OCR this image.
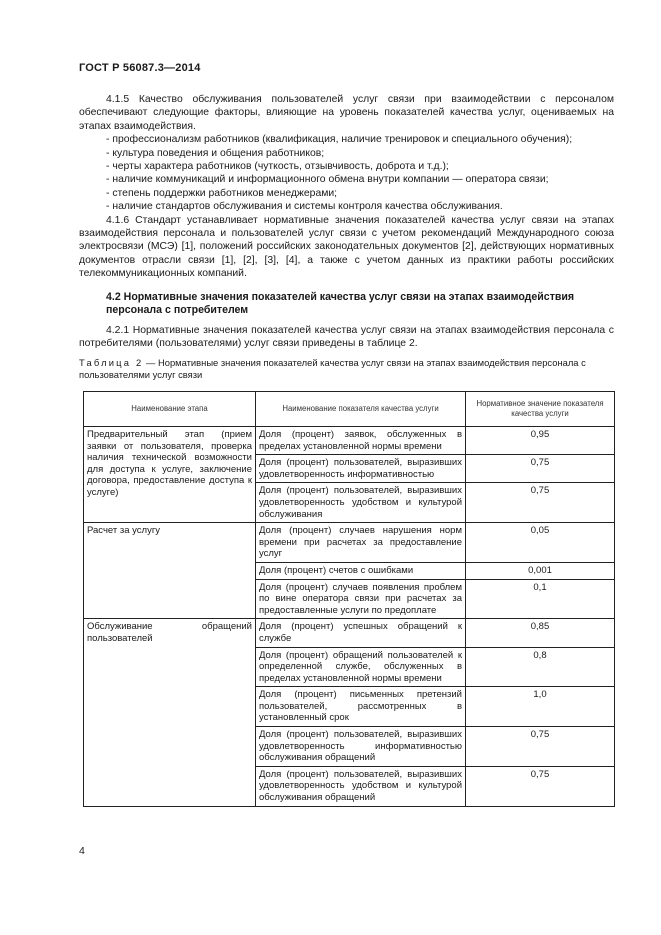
ГОСТ Р 56087.3—2014

4.1.5 Качество обслуживания пользователей услуг связи при взаимодействии с персоналом обеспечивают следующие факторы, влияющие на уровень показателей качества услуг, оцениваемых на этапах взаимодействия.

- профессионализм работников (квалификация, наличие тренировок и специального обучения);

- культура поведения и общения работников;

- черты характера работников (чуткость, отзывчивость, доброта и т.д.);

- наличие коммуникаций и информационного обмена внутри компании — оператора связи;

- степень поддержки работников менеджерами;

- наличие стандартов обслуживания и системы контроля качества обслуживания.

4.1.6 Стандарт устанавливает нормативные значения показателей качества услуг связи на этапах взаимодействия персонала и пользователей услуг связи с учетом рекомендаций Международного союза электросвязи (МСЭ) [1], положений российских законодательных документов [2], действующих нормативных документов отрасли связи [1], [2], [3], [4], а также с учетом данных из практики работы российских телекоммуникационных компаний.

4.2 Нормативные значения показателей качества услуг связи на этапах взаимодействия персонала с потребителем

4.2.1 Нормативные значения показателей качества услуг связи на этапах взаимодействия персонала с потребителями (пользователями) услуг связи приведены в таблице 2.

Таблица 2 — Нормативные значения показателей качества услуг связи на этапах взаимодействия персонала с пользователями услуг связи

Наименование этапа	Наименование показателя качества услуги	Нормативное значение показателя качества услуги
Предварительный этап (прием заявки от пользователя, проверка наличия технической возможности для доступа к услуге, заключение договора, предоставление доступа к услуге)	Доля (процент) заявок, обслуженных в пределах установленной нормы времени	0,95
	Доля (процент) пользователей, выразивших удовлетворенность информативностью	0,75
	Доля (процент) пользователей, выразивших удовлетворенность удобством и культурой обслуживания	0,75
Расчет за услугу	Доля (процент) случаев нарушения норм времени при расчетах за предоставление услуг	0,05
	Доля (процент) счетов с ошибками	0,001
	Доля (процент) случаев появления проблем по вине оператора связи при расчетах за предоставленные услуги по предоплате	0,1
Обслуживание обращений пользователей	Доля (процент) успешных обращений к службе	0,85
	Доля (процент) обращений пользователей к определенной службе, обслуженных в пределах установленной нормы времени	0,8
	Доля (процент) письменных претензий пользователей, рассмотренных в установленный срок	1,0
	Доля (процент) пользователей, выразивших удовлетворенность информативностью обслуживания обращений	0,75
	Доля (процент) пользователей, выразивших удовлетворенность удобством и культурой обслуживания обращений	0,75
4
